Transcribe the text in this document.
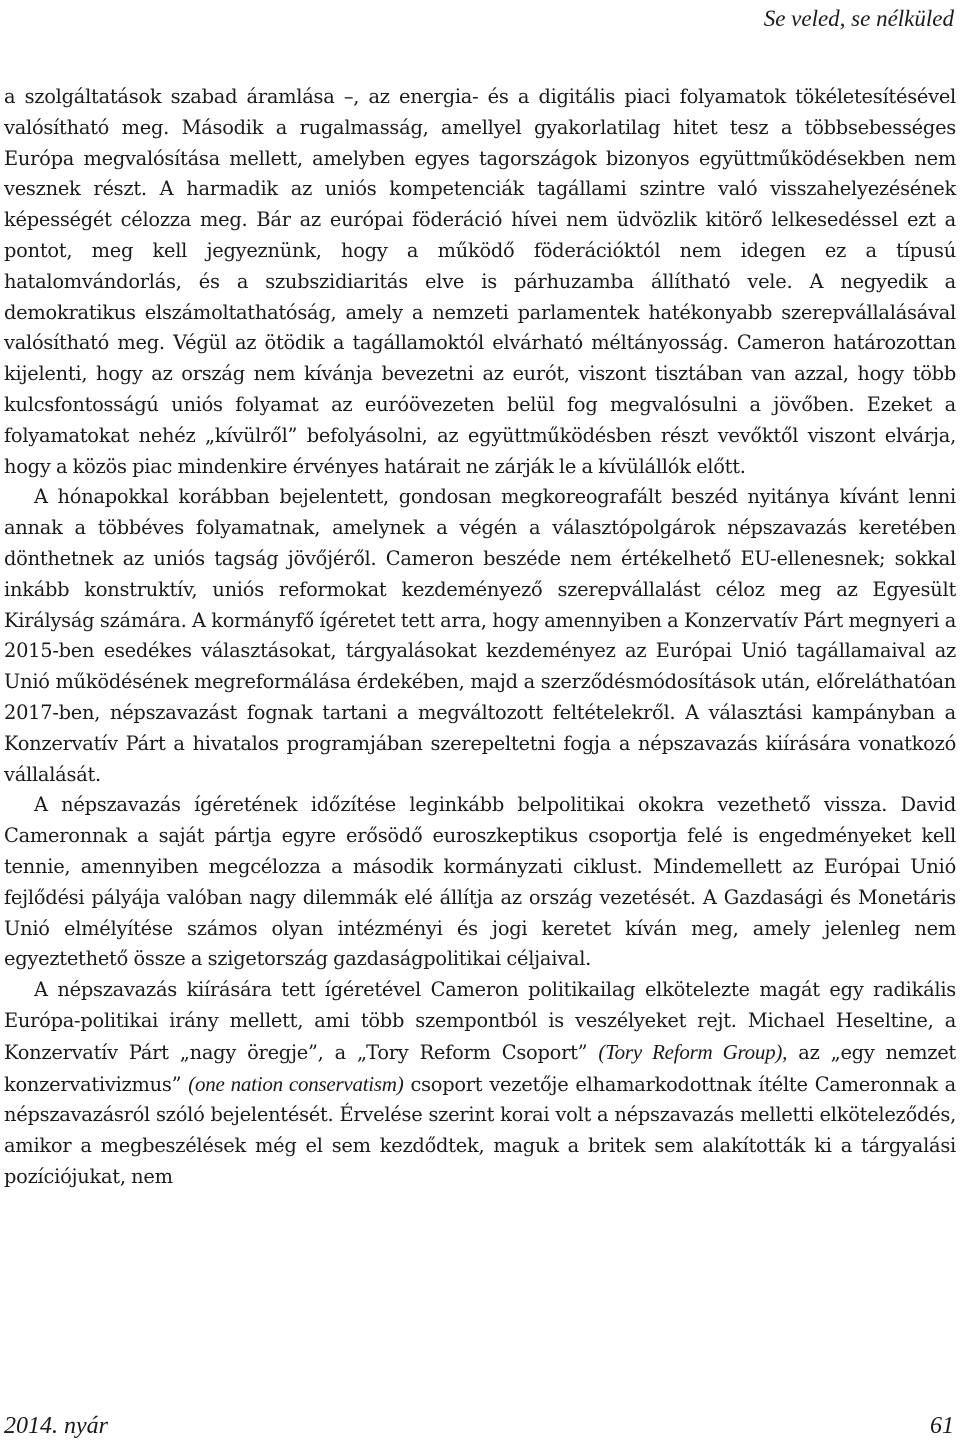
Se veled, se nélküled

a szolgáltatások szabad áramlása –, az energia- és a digitális piaci folyamatok tökéletesítésével valósítható meg. Második a rugalmasság, amellyel gyakorlatilag hitet tesz a többsebességes Európa megvalósítása mellett, amelyben egyes tagországok bizonyos együttműködésekben nem vesznek részt. A harmadik az uniós kompetenciák tagállami szintre való visszahelyezésének képességét célozza meg. Bár az európai föderáció hívei nem üdvözlik kitörő lelkesedéssel ezt a pontot, meg kell jegyeznünk, hogy a működő föderációktól nem idegen ez a típusú hatalomvándorlás, és a szubszidiaritás elve is párhuzamba állítható vele. A negyedik a demokratikus elszámoltathatóság, amely a nemzeti parlamentek hatékonyabb szerepvállalásával valósítható meg. Végül az ötödik a tagállamoktól elvárható méltányosság. Cameron határozottan kijelenti, hogy az ország nem kívánja bevezetni az eurót, viszont tisztában van azzal, hogy több kulcsfontosságú uniós folyamat az euróövezeten belül fog megvalósulni a jövőben. Ezeket a folyamatokat nehéz „kívülről” befolyásolni, az együttműködésben részt vevőktől viszont elvárja, hogy a közös piac mindenkire érvényes határait ne zárják le a kívülállók előtt.

A hónapokkal korábban bejelentett, gondosan megkoreografált beszéd nyitánya kívánt lenni annak a többéves folyamatnak, amelynek a végén a választópolgárok népszavazás keretében dönthetnek az uniós tagság jövőjéről. Cameron beszéde nem értékelhető EU-ellenesnek; sokkal inkább konstruktív, uniós reformokat kezdeményező szerepvállalást céloz meg az Egyesült Királyság számára. A kormányfő ígéretet tett arra, hogy amennyiben a Konzervatív Párt megnyeri a 2015-ben esedékes választásokat, tárgyalásokat kezdeményez az Európai Unió tagállamaival az Unió működésének megreformálása érdekében, majd a szerződésmódosítások után, előreláthatóan 2017-ben, népszavazást fognak tartani a megváltozott feltételekről. A választási kampányban a Konzervatív Párt a hivatalos programjában szerepeltetni fogja a népszavazás kiírására vonatkozó vállalását.

A népszavazás ígéretének időzítése leginkább belpolitikai okokra vezethető vissza. David Cameronnak a saját pártja egyre erősödő euroszkeptikus csoportja felé is engedményeket kell tennie, amennyiben megcélozza a második kormányzati ciklust. Mindemellett az Európai Unió fejlődési pályája valóban nagy dilemmák elé állítja az ország vezetését. A Gazdasági és Monetáris Unió elmélyítése számos olyan intézményi és jogi keretet kíván meg, amely jelenleg nem egyeztethető össze a szigetország gazdaságpolitikai céljaival.

A népszavazás kiírására tett ígéretével Cameron politikailag elkötelezte magát egy radikális Európa-politikai irány mellett, ami több szempontból is veszélyeket rejt. Michael Heseltine, a Konzervatív Párt „nagy öregje”, a „Tory Reform Csoport” (Tory Reform Group), az „egy nemzet konzervativizmus” (one nation conservatism) csoport vezetője elhamarkodottnak ítélte Cameronnak a népszavazásról szóló bejelentését. Érvelése szerint korai volt a népszavazás melletti elköteleződés, amikor a megbeszélések még el sem kezdődtek, maguk a britek sem alakították ki a tárgyalási pozíciójukat, nem

2014. nyár	61
